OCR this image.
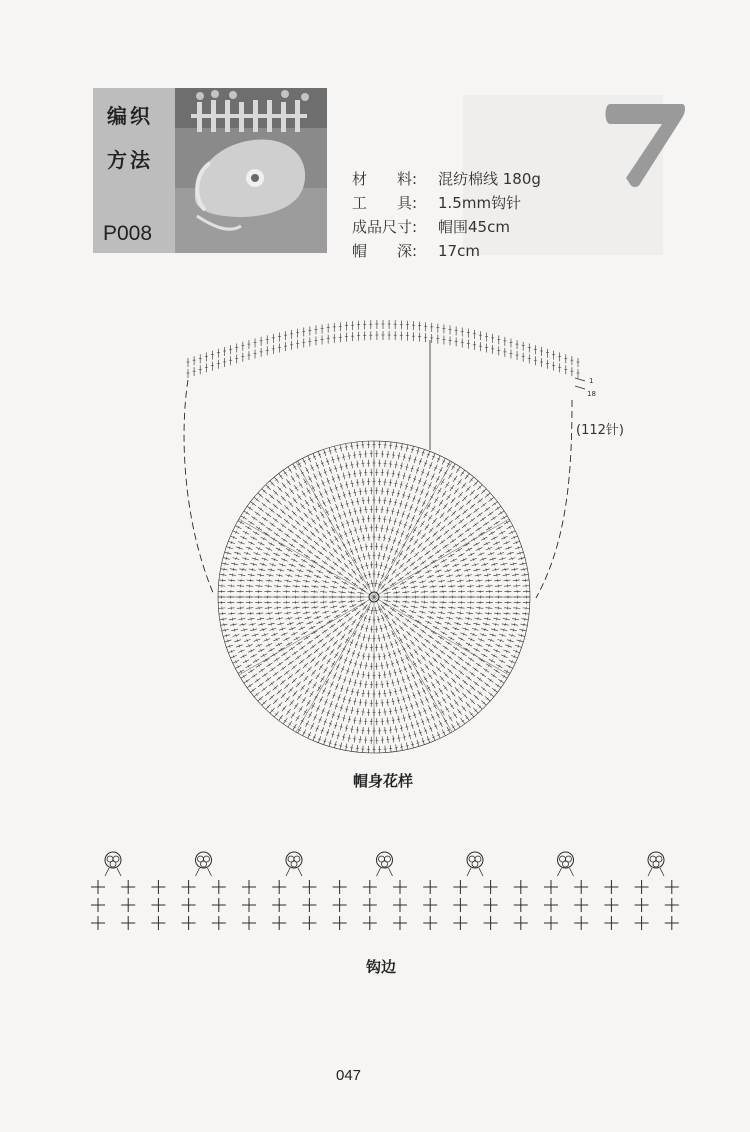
编织
方法
P008
材　　料: 混纺棉线 180g
工　　具: 1.5mm钩针
成品尺寸: 帽围45cm
帽　　深: 17cm
1
18
(112针)
帽身花样
钩边
047
